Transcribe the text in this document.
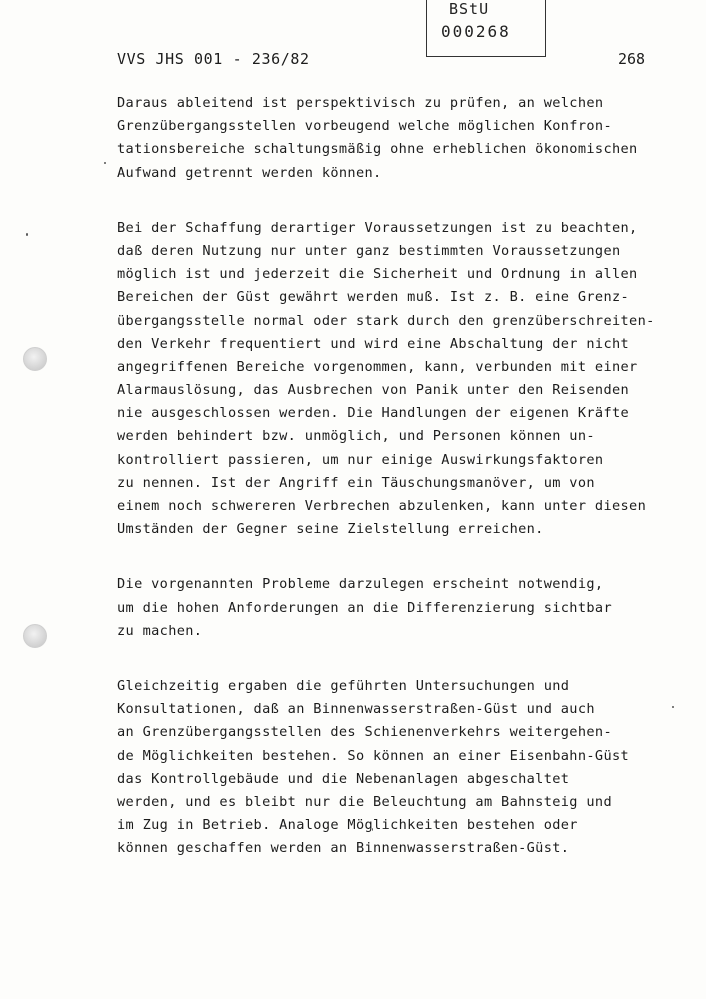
BStU
000268
VVS JHS 001 - 236/82	268
Daraus ableitend ist perspektivisch zu prüfen, an welchen
Grenzübergangsstellen vorbeugend welche möglichen Konfron-
tationsbereiche schaltungsmäßig ohne erheblichen ökonomischen
Aufwand getrennt werden können.
Bei der Schaffung derartiger Voraussetzungen ist zu beachten,
daß deren Nutzung nur unter ganz bestimmten Voraussetzungen
möglich ist und jederzeit die Sicherheit und Ordnung in allen
Bereichen der Güst gewährt werden muß. Ist z. B. eine Grenz-
übergangsstelle normal oder stark durch den grenzüberschreiten-
den Verkehr frequentiert und wird eine Abschaltung der nicht
angegriffenen Bereiche vorgenommen, kann, verbunden mit einer
Alarmauslösung, das Ausbrechen von Panik unter den Reisenden
nie ausgeschlossen werden. Die Handlungen der eigenen Kräfte
werden behindert bzw. unmöglich, und Personen können un-
kontrolliert passieren, um nur einige Auswirkungsfaktoren
zu nennen. Ist der Angriff ein Täuschungsmanöver, um von
einem noch schwereren Verbrechen abzulenken, kann unter diesen
Umständen der Gegner seine Zielstellung erreichen.
Die vorgenannten Probleme darzulegen erscheint notwendig,
um die hohen Anforderungen an die Differenzierung sichtbar
zu machen.
Gleichzeitig ergaben die geführten Untersuchungen und
Konsultationen, daß an Binnenwasserstraßen-Güst und auch
an Grenzübergangsstellen des Schienenverkehrs weitergehen-
de Möglichkeiten bestehen. So können an einer Eisenbahn-Güst
das Kontrollgebäude und die Nebenanlagen abgeschaltet
werden, und es bleibt nur die Beleuchtung am Bahnsteig und
im Zug in Betrieb. Analoge Möglichkeiten bestehen oder
können geschaffen werden an Binnenwasserstraßen-Güst.
